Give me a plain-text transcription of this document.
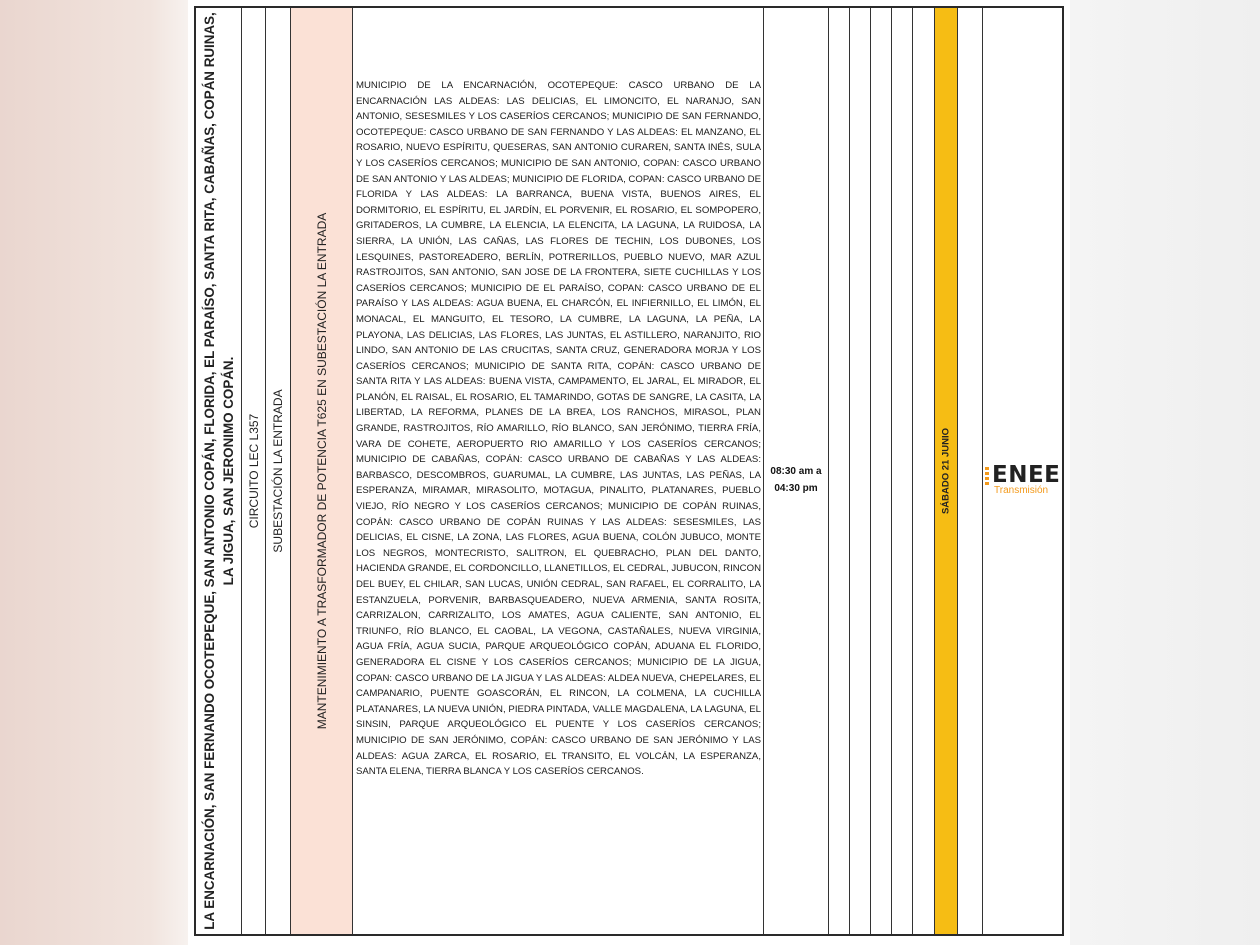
LA ENCARNACIÓN, SAN FERNANDO OCOTEPEQUE, SAN ANTONIO COPÁN, FLORIDA, EL PARAÍSO, SANTA RITA, CABAÑAS, COPÁN RUINAS, LA JIGUA, SAN JERONIMO COPÁN. CIRCUITO LEC L357 SUBESTACIÓN LA ENTRADA MANTENIMIENTO A TRASFORMADOR DE POTENCIA T625 EN SUBESTACIÓN LA ENTRADA
MUNICIPIO DE LA ENCARNACIÓN, OCOTEPEQUE: CASCO URBANO DE LA ENCARNACIÓN LAS ALDEAS: LAS DELICIAS, EL LIMONCITO, EL NARANJO, SAN ANTONIO, SESESMILES Y LOS CASERÍOS CERCANOS; MUNICIPIO DE SAN FERNANDO, OCOTEPEQUE: CASCO URBANO DE SAN FERNANDO Y LAS ALDEAS: EL MANZANO, EL ROSARIO, NUEVO ESPÍRITU, QUESERAS, SAN ANTONIO CURAREN, SANTA INÉS, SULA Y LOS CASERÍOS CERCANOS; MUNICIPIO DE SAN ANTONIO, COPAN: CASCO URBANO DE SAN ANTONIO Y LAS ALDEAS; MUNICIPIO DE FLORIDA, COPAN: CASCO URBANO DE FLORIDA Y LAS ALDEAS: LA BARRANCA, BUENA VISTA, BUENOS AIRES, EL DORMITORIO, EL ESPÍRITU, EL JARDÍN, EL PORVENIR, EL ROSARIO, EL SOMPOPERO, GRITADEROS, LA CUMBRE, LA ELENCIA, LA ELENCITA, LA LAGUNA, LA RUIDOSA, LA SIERRA, LA UNIÓN, LAS CAÑAS, LAS FLORES DE TECHIN, LOS DUBONES, LOS LESQUINES, PASTOREADERO, BERLÍN, POTRERILLOS, PUEBLO NUEVO, MAR AZUL RASTROJITOS, SAN ANTONIO, SAN JOSE DE LA FRONTERA, SIETE CUCHILLAS Y LOS CASERÍOS CERCANOS; MUNICIPIO DE EL PARAÍSO, COPAN: CASCO URBANO DE EL PARAÍSO Y LAS ALDEAS: AGUA BUENA, EL CHARCÓN, EL INFIERNILLO, EL LIMÓN, EL MONACAL, EL MANGUITO, EL TESORO, LA CUMBRE, LA LAGUNA, LA PEÑA, LA PLAYONA, LAS DELICIAS, LAS FLORES, LAS JUNTAS, EL ASTILLERO, NARANJITO, RIO LINDO, SAN ANTONIO DE LAS CRUCITAS, SANTA CRUZ, GENERADORA MORJA Y LOS CASERÍOS CERCANOS; MUNICIPIO DE SANTA RITA, COPÁN: CASCO URBANO DE SANTA RITA Y LAS ALDEAS: BUENA VISTA, CAMPAMENTO, EL JARAL, EL MIRADOR, EL PLANÓN, EL RAISAL, EL ROSARIO, EL TAMARINDO, GOTAS DE SANGRE, LA CASITA, LA LIBERTAD, LA REFORMA, PLANES DE LA BREA, LOS RANCHOS, MIRASOL, PLAN GRANDE, RASTROJITOS, RÍO AMARILLO, RÍO BLANCO, SAN JERÓNIMO, TIERRA FRÍA, VARA DE COHETE, AEROPUERTO RIO AMARILLO Y LOS CASERÍOS CERCANOS; MUNICIPIO DE CABAÑAS, COPÁN: CASCO URBANO DE CABAÑAS Y LAS ALDEAS: BARBASCO, DESCOMBROS, GUARUMAL, LA CUMBRE, LAS JUNTAS, LAS PEÑAS, LA ESPERANZA, MIRAMAR, MIRASOLITO, MOTAGUA, PINALITO, PLATANARES, PUEBLO VIEJO, RÍO NEGRO Y LOS CASERÍOS CERCANOS; MUNICIPIO DE COPÁN RUINAS, COPÁN: CASCO URBANO DE COPÁN RUINAS Y LAS ALDEAS: SESESMILES, LAS DELICIAS, EL CISNE, LA ZONA, LAS FLORES, AGUA BUENA, COLÓN JUBUCO, MONTE LOS NEGROS, MONTECRISTO, SALITRON, EL QUEBRACHO, PLAN DEL DANTO, HACIENDA GRANDE, EL CORDONCILLO, LLANETILLOS, EL CEDRAL, JUBUCON, RINCON DEL BUEY, EL CHILAR, SAN LUCAS, UNIÓN CEDRAL, SAN RAFAEL, EL CORRALITO, LA ESTANZUELA, PORVENIR, BARBASQUEADERO, NUEVA ARMENIA, SANTA ROSITA, CARRIZALON, CARRIZALITO, LOS AMATES, AGUA CALIENTE, SAN ANTONIO, EL TRIUNFO, RÍO BLANCO, EL CAOBAL, LA VEGONA, CASTAÑALES, NUEVA VIRGINIA, AGUA FRÍA, AGUA SUCIA, PARQUE ARQUEOLÓGICO COPÁN, ADUANA EL FLORIDO, GENERADORA EL CISNE Y LOS CASERÍOS CERCANOS; MUNICIPIO DE LA JIGUA, COPAN: CASCO URBANO DE LA JIGUA Y LAS ALDEAS: ALDEA NUEVA, CHEPELARES, EL CAMPANARIO, PUENTE GOASCORÁN, EL RINCON, LA COLMENA, LA CUCHILLA PLATANARES, LA NUEVA UNIÓN, PIEDRA PINTADA, VALLE MAGDALENA, LA LAGUNA, EL SINSIN, PARQUE ARQUEOLÓGICO EL PUENTE Y LOS CASERÍOS CERCANOS; MUNICIPIO DE SAN JERÓNIMO, COPÁN: CASCO URBANO DE SAN JERÓNIMO Y LAS ALDEAS: AGUA ZARCA, EL ROSARIO, EL TRANSITO, EL VOLCÁN, LA ESPERANZA, SANTA ELENA, TIERRA BLANCA Y LOS CASERÍOS CERCANOS.
08:30 am a
04:30 pm	SÁBADO 21 JUNIO ENEE
Transmisión
